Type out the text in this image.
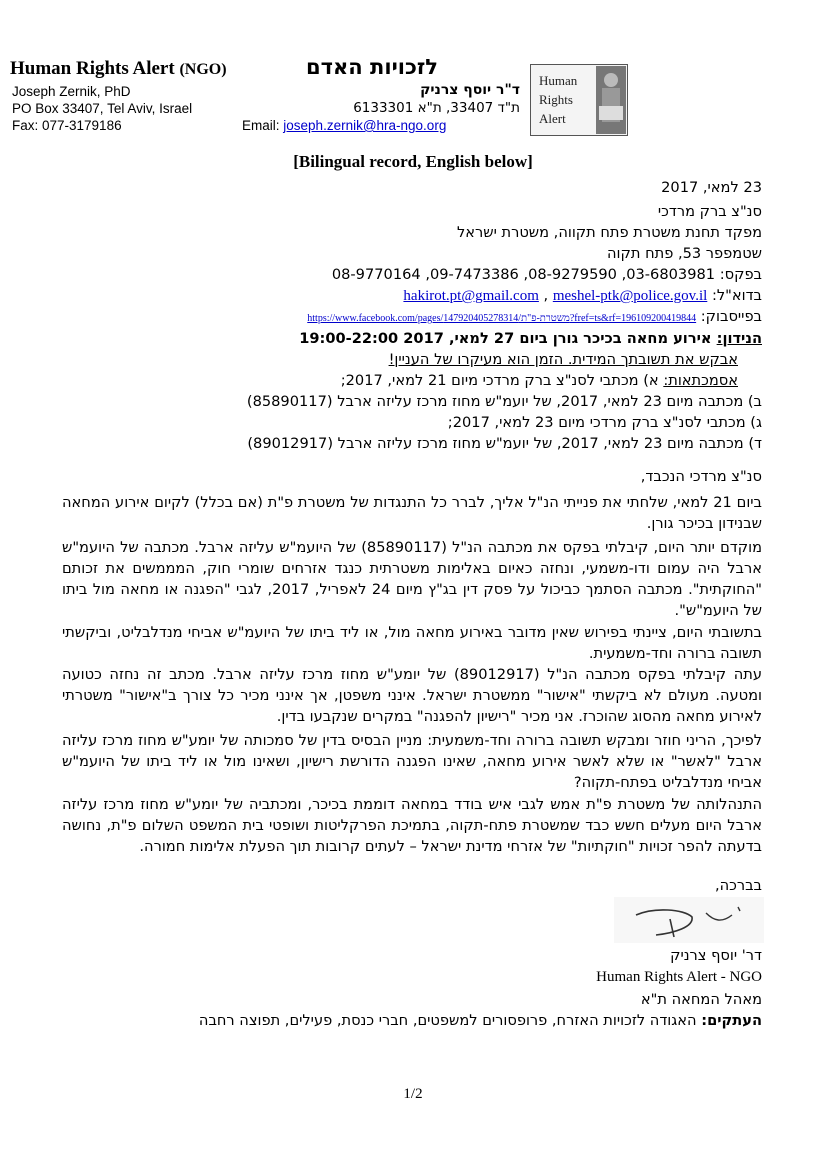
Human Rights Alert (NGO)	לזכויות האדם
Joseph Zernik, PhD	ד"ר יוסף צרניק
PO Box 33407, Tel Aviv, Israel	ת"ד 33407, ת"א 6133301
Fax: 077-3179186	Email: joseph.zernik@hra-ngo.org
Human
Rights
Alert
[Bilingual record, English below]
23 למאי, 2017
סנ"צ ברק מרדכי
מפקד תחנת משטרת פתח תקווה, משטרת ישראל
שטמפפר 53, פתח תקוה
בפקס: 03-6803981, 08-9279590, 09-7473386, 08-9770164
בדוא"ל: meshel-ptk@police.gov.il , hakirot.pt@gmail.com
בפייסבוק: https://www.facebook.com/pages/משטרת-פ"ת/147920405278314?fref=ts&rf=196109200419844
הנידון: אירוע מחאה בכיכר גורן ביום 27 למאי, 2017 19:00-22:00
אבקש את תשובתך המידית. הזמן הוא מעיקרו של העניין!
אסמכתאות: א) מכתבי לסנ"צ ברק מרדכי מיום 21 למאי, 2017;
ב) מכתבה מיום 23 למאי, 2017, של יועמ"ש מחוז מרכז עליזה ארבל (85890117)
ג) מכתבי לסנ"צ ברק מרדכי מיום 23 למאי, 2017;
ד) מכתבה מיום 23 למאי, 2017, של יועמ"ש מחוז מרכז עליזה ארבל (89012917)
סנ"צ מרדכי הנכבד,
ביום 21 למאי, שלחתי את פנייתי הנ"ל אליך, לברר כל התנגדות של משטרת פ"ת (אם בכלל) לקיום אירוע המחאה שבנידון בכיכר גורן.
מוקדם יותר היום, קיבלתי בפקס את מכתבה הנ"ל (85890117) של היועמ"ש עליזה ארבל. מכתבה של היועמ"ש ארבל היה עמום ודו-משמעי, ונחזה כאיום באלימות משטרתית כנגד אזרחים שומרי חוק, המממשים את זכותם "החוקתית". מכתבה הסתמך כביכול על פסק דין בג"ץ מיום 24 לאפריל, 2017, לגבי "הפגנה או מחאה מול ביתו של היועמ"ש".
בתשובתי היום, ציינתי בפירוש שאין מדובר באירוע מחאה מול, או ליד ביתו של היועמ"ש אביחי מנדלבליט, וביקשתי תשובה ברורה וחד-משמעית.
עתה קיבלתי בפקס מכתבה הנ"ל (89012917) של יומע"ש מחוז מרכז עליזה ארבל. מכתב זה נחזה כטועה ומטעה. מעולם לא ביקשתי "אישור" ממשטרת ישראל. אינני משפטן, אך אינני מכיר כל צורך ב"אישור" משטרתי לאירוע מחאה מהסוג שהוכרז. אני מכיר "רישיון להפגנה" במקרים שנקבעו בדין.
לפיכך, הריני חוזר ומבקש תשובה ברורה וחד-משמעית: מניין הבסיס בדין של סמכותה של יומע"ש מחוז מרכז עליזה ארבל "לאשר" או שלא לאשר אירוע מחאה, שאינו הפגנה הדורשת רישיון, ושאינו מול או ליד ביתו של היועמ"ש אביחי מנדלבליט בפתח-תקוה?
התנהלותה של משטרת פ"ת אמש לגבי איש בודד במחאה דוממת בכיכר, ומכתביה של יומע"ש מחוז מרכז עליזה ארבל היום מעלים חשש כבד שמשטרת פתח-תקוה, בתמיכת הפרקליטות ושופטי בית המשפט השלום פ"ת, נחושה בדעתה להפר זכויות "חוקתיות" של אזרחי מדינת ישראל – לעתים קרובות תוך הפעלת אלימות חמורה.
בברכה,
דר' יוסף צרניק
Human Rights Alert - NGO
מאהל המחאה ת"א
העתקים: האגודה לזכויות האזרח, פרופסורים למשפטים, חברי כנסת, פעילים, תפוצה רחבה
1/2
